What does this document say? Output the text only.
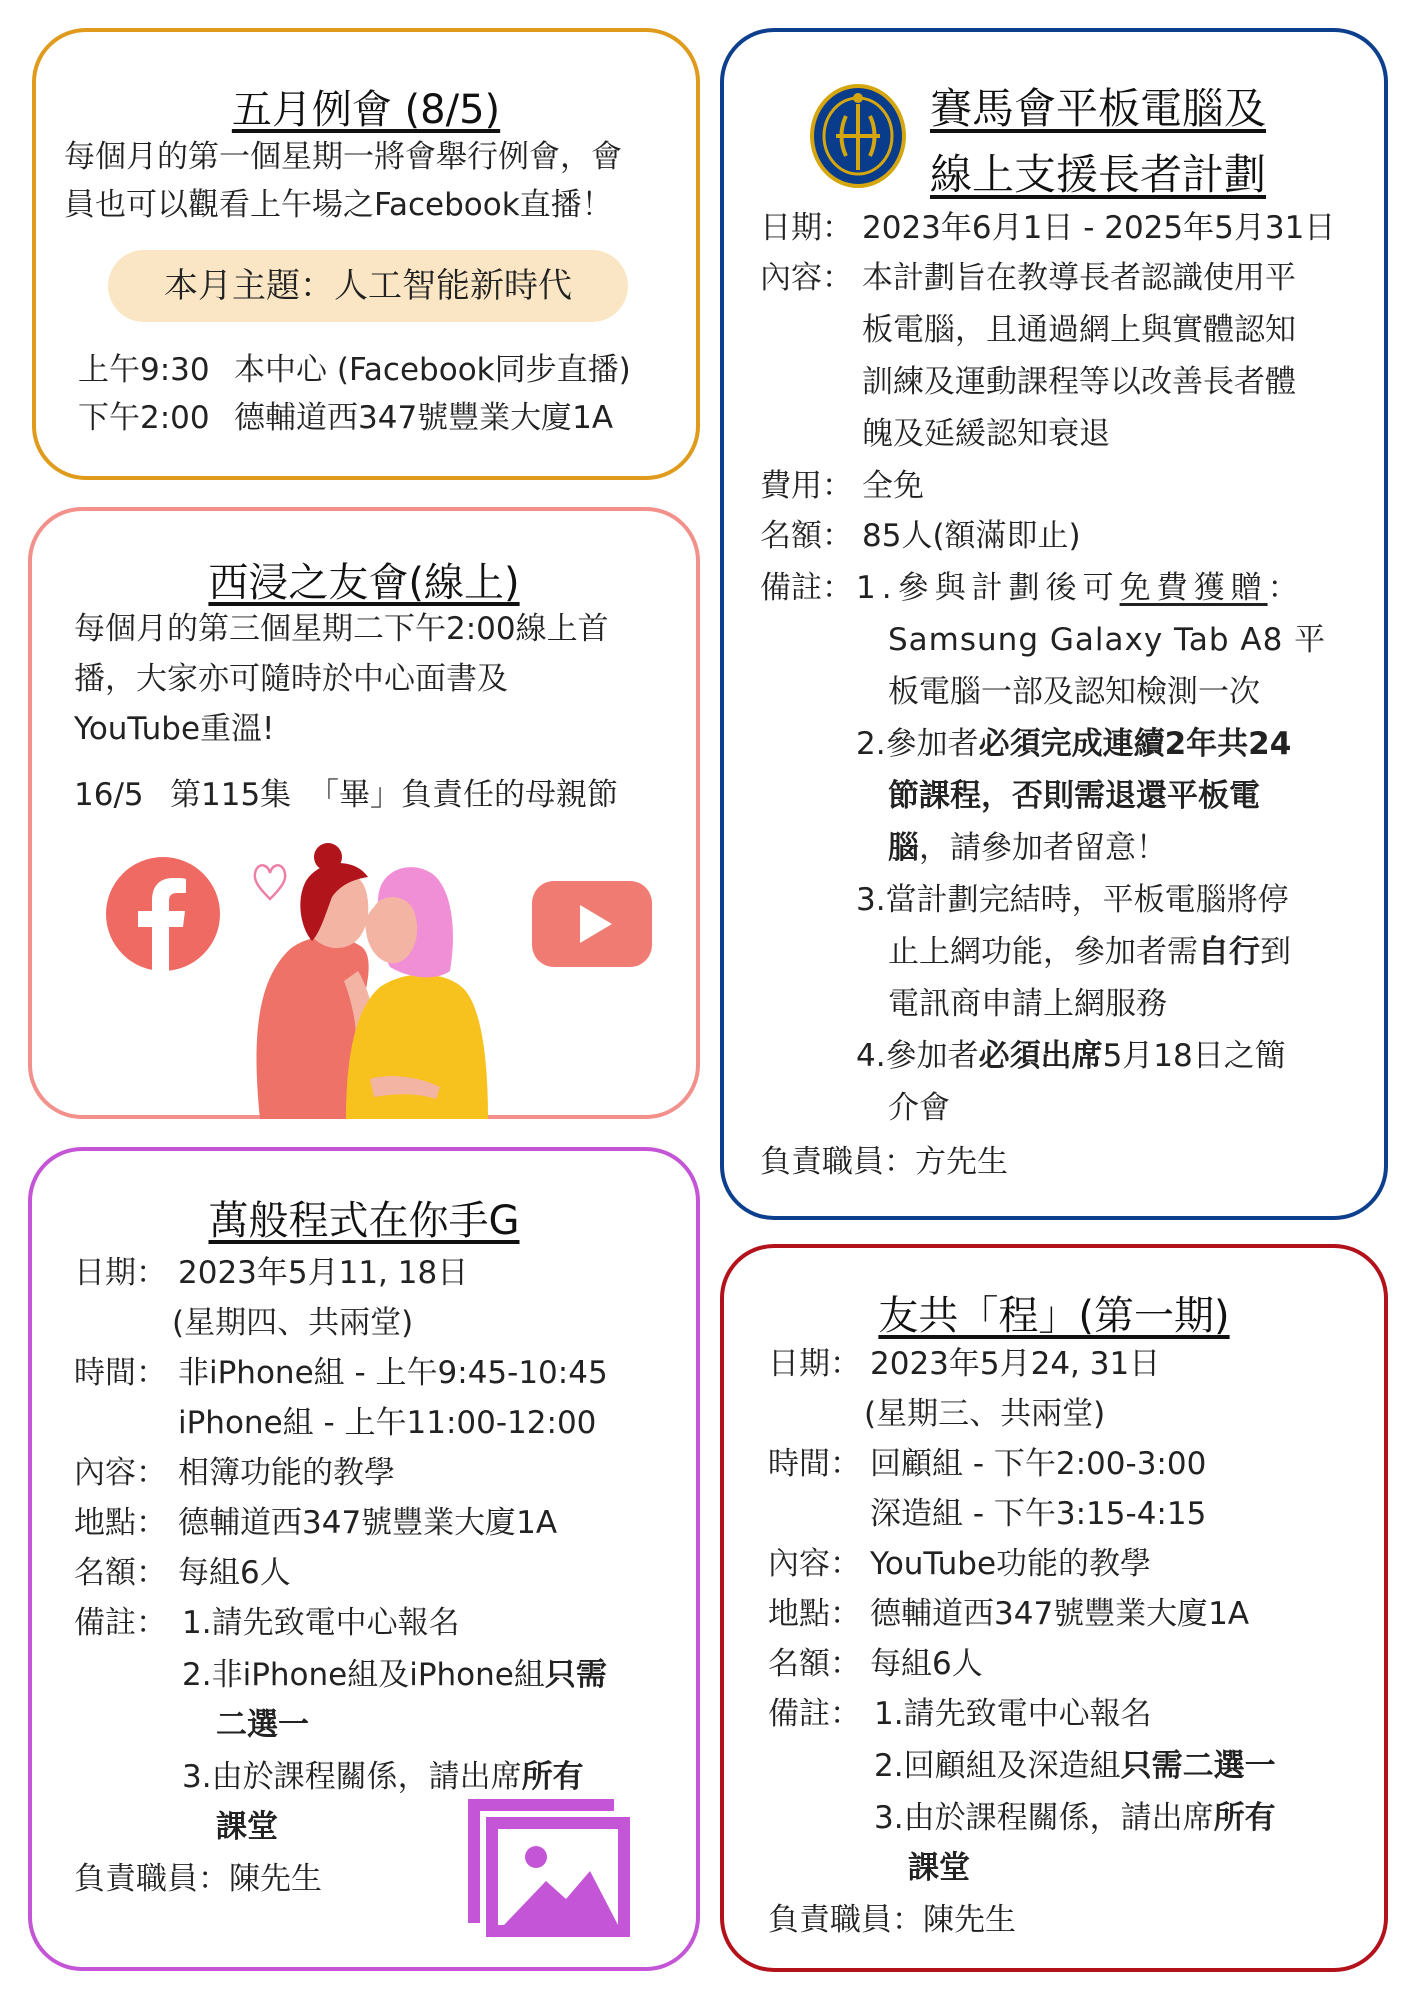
五月例會 (8/5)
每個月的第一個星期一將會舉行例會，會
員也可以觀看上午場之Facebook直播！
本月主題：人工智能新時代
上午9:30 本中心 (Facebook同步直播)
下午2:00 德輔道西347號豐業大廈1A
西浸之友會(線上)
每個月的第三個星期二下午2:00線上首
播，大家亦可隨時於中心面書及
YouTube重溫!
16/5 第115集 「畢」負責任的母親節
萬般程式在你手G
日期： 2023年5月11, 18日
(星期四、共兩堂)
時間： 非iPhone組 - 上午9:45-10:45
iPhone組 - 上午11:00-12:00
內容： 相簿功能的教學
地點： 德輔道西347號豐業大廈1A
名額： 每組6人
備註： 1.請先致電中心報名
2.非iPhone組及iPhone組只需
二選一
3.由於課程關係，請出席所有
課堂
負責職員：陳先生
賽馬會平板電腦及
線上支援長者計劃
日期： 2023年6月1日 - 2025年5月31日
內容： 本計劃旨在教導長者認識使用平
板電腦，且通過網上與實體認知
訓練及運動課程等以改善長者體
魄及延緩認知衰退
費用： 全免
名額： 85人(額滿即止)
備註： 1.參與計劃後可免費獲贈：
Samsung Galaxy Tab A8 平
板電腦一部及認知檢測一次
2.參加者必須完成連續2年共24
節課程，否則需退還平板電
腦，請參加者留意！
3.當計劃完結時，平板電腦將停
止上網功能，參加者需自行到
電訊商申請上網服務
4.參加者必須出席5月18日之簡
介會
負責職員：方先生
友共「程」(第一期)
日期： 2023年5月24, 31日
(星期三、共兩堂)
時間： 回顧組 - 下午2:00-3:00
深造組 - 下午3:15-4:15
內容： YouTube功能的教學
地點： 德輔道西347號豐業大廈1A
名額： 每組6人
備註： 1.請先致電中心報名
2.回顧組及深造組只需二選一
3.由於課程關係，請出席所有
課堂
負責職員：陳先生
